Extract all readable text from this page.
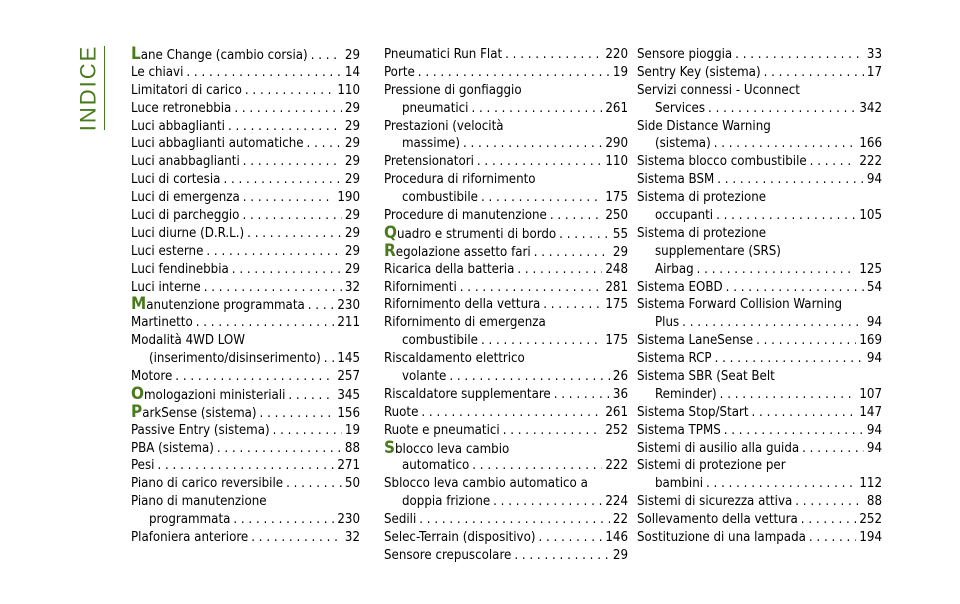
INDICE Lane Change (cambio corsia) . . .	29
Le chiavi . . .	14
Limitatori di carico . . .	110
Luce retronebbia . . .	29
Luci abbaglianti . . .	29
Luci abbaglianti automatiche . . .	29
Luci anabbaglianti . . .	29
Luci di cortesia . . .	29
Luci di emergenza . . .	190
Luci di parcheggio . . .	29
Luci diurne (D.R.L.) . . .	29
Luci esterne . . .	29
Luci fendinebbia . . .	29
Luci interne . . .	32
Manutenzione programmata . . . 230
Martinetto . . .	211
Modalità 4WD LOW
(inserimento/disinserimento) . . . 145
Motore . . .	257
Omologazioni ministeriali . . .	345
ParkSense (sistema) . . .	156
Passive Entry (sistema) . . .	19
PBA (sistema) . . .	88
Pesi . . .	271
Piano di carico reversibile . . .	50
Piano di manutenzione
programmata . . .	230
Plafoniera anteriore . . .	32
Pneumatici Run Flat . . .	220
Porte . . .	19
Pressione di gonfiaggio
pneumatici . . .	261
Prestazioni (velocità
massime) . . .	290
Pretensionatori . . .	110
Procedura di rifornimento
combustibile . . .	175
Procedure di manutenzione . . .	250
Quadro e strumenti di bordo . . .	55
Regolazione assetto fari . . .	29
Ricarica della batteria . . .	248
Rifornimenti . . .	281
Rifornimento della vettura . . .	175
Rifornimento di emergenza
combustibile . . .	175
Riscaldamento elettrico
volante . . .	26
Riscaldatore supplementare . . .	36
Ruote . . .	261
Ruote e pneumatici . . .	252
Sblocco leva cambio
automatico . . .	222
Sblocco leva cambio automatico a
doppia frizione . . .	224
Sedili . . .	22
Selec-Terrain (dispositivo) . . .	146
Sensore crepuscolare . . .	29
Sensore pioggia . . .	33
Sentry Key (sistema) . . .	17
Servizi connessi - Uconnect
Services . . .	342
Side Distance Warning
(sistema) . . .	166
Sistema blocco combustibile . . .	222
Sistema BSM . . .	94
Sistema di protezione
occupanti . . .	105
Sistema di protezione
supplementare (SRS)
Airbag . . .	125
Sistema EOBD . . .	54
Sistema Forward Collision Warning
Plus . . .	94
Sistema LaneSense . . .	169
Sistema RCP . . .	94
Sistema SBR (Seat Belt
Reminder) . . .	107
Sistema Stop/Start . . .	147
Sistema TPMS . . .	94
Sistemi di ausilio alla guida . . .	94
Sistemi di protezione per
bambini . . .	112
Sistemi di sicurezza attiva . . .	88
Sollevamento della vettura . . .	252
Sostituzione di una lampada . . .	194
